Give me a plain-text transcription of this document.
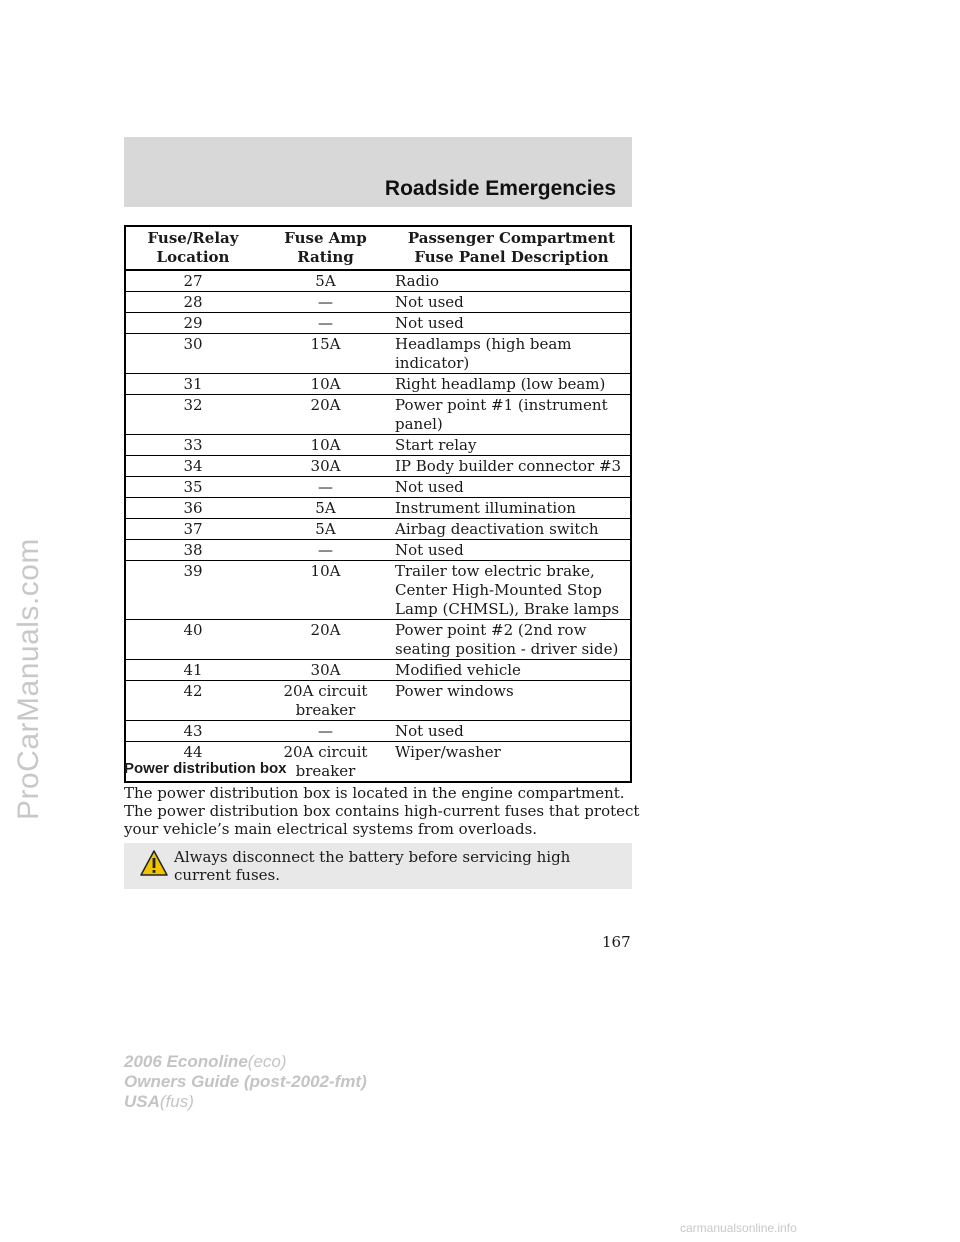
ProCarManuals.com
Roadside Emergencies
Fuse/Relay Location	Fuse Amp Rating	Passenger Compartment Fuse Panel Description
27	5A	Radio
28	—	Not used
29	—	Not used
30	15A	Headlamps (high beam indicator)
31	10A	Right headlamp (low beam)
32	20A	Power point #1 (instrument panel)
33	10A	Start relay
34	30A	IP Body builder connector #3
35	—	Not used
36	5A	Instrument illumination
37	5A	Airbag deactivation switch
38	—	Not used
39	10A	Trailer tow electric brake, Center High-Mounted Stop Lamp (CHMSL), Brake lamps
40	20A	Power point #2 (2nd row seating position - driver side)
41	30A	Modified vehicle
42	20A circuit breaker	Power windows
43	—	Not used
44	20A circuit breaker	Wiper/washer
Power distribution box
The power distribution box is located in the engine compartment. The power distribution box contains high-current fuses that protect your vehicle’s main electrical systems from overloads.
Always disconnect the battery before servicing high current fuses.
167
2006 Econoline(eco)
Owners Guide (post-2002-fmt)
USA(fus)
carmanualsonline.info
